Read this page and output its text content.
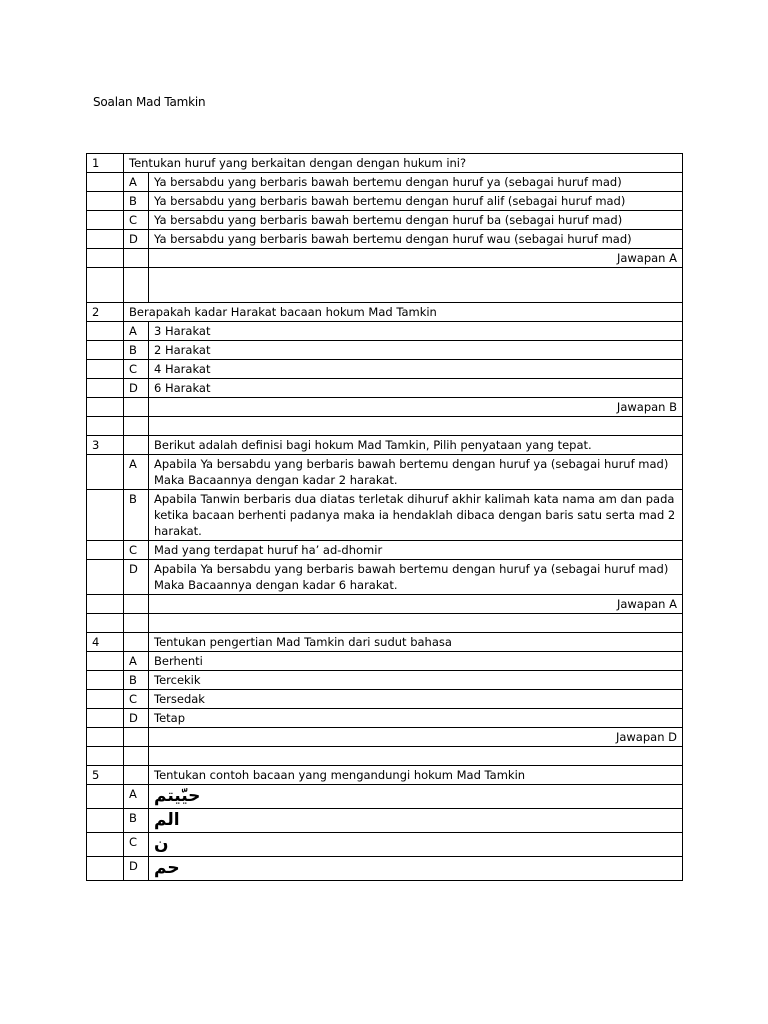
Soalan Mad Tamkin
1	Tentukan huruf yang berkaitan dengan dengan hukum ini?	
	A	Ya bersabdu yang berbaris bawah bertemu dengan huruf ya (sebagai huruf mad)
	B	Ya bersabdu yang berbaris bawah bertemu dengan huruf alif (sebagai huruf mad)
	C	Ya bersabdu yang berbaris bawah bertemu dengan huruf ba (sebagai huruf mad)
	D	Ya bersabdu yang berbaris bawah bertemu dengan huruf wau (sebagai huruf mad)
		Jawapan A

2	Berapakah kadar Harakat bacaan hokum Mad Tamkin	
	A	3 Harakat
	B	2 Harakat
	C	4 Harakat
	D	6 Harakat
		Jawapan B

3		Berikut adalah definisi bagi hokum Mad Tamkin, Pilih penyataan yang tepat.
	A	Apabila Ya bersabdu yang berbaris bawah bertemu dengan huruf ya (sebagai huruf mad) Maka Bacaannya dengan kadar 2 harakat.
	B	Apabila Tanwin berbaris dua diatas terletak dihuruf akhir kalimah kata nama am dan pada ketika bacaan berhenti padanya maka ia hendaklah dibaca dengan baris satu serta mad 2 harakat.
	C	Mad yang terdapat huruf ha’ ad-dhomir
	D	Apabila Ya bersabdu yang berbaris bawah bertemu dengan huruf ya (sebagai huruf mad) Maka Bacaannya dengan kadar 6 harakat.
		Jawapan A

4		Tentukan pengertian Mad Tamkin dari sudut bahasa
	A	Berhenti
	B	Tercekik
	C	Tersedak
	D	Tetap
		Jawapan D

5		Tentukan contoh bacaan yang mengandungi hokum Mad Tamkin
	A	حيّيتم
	B	الم
	C	ن
	D	حم
